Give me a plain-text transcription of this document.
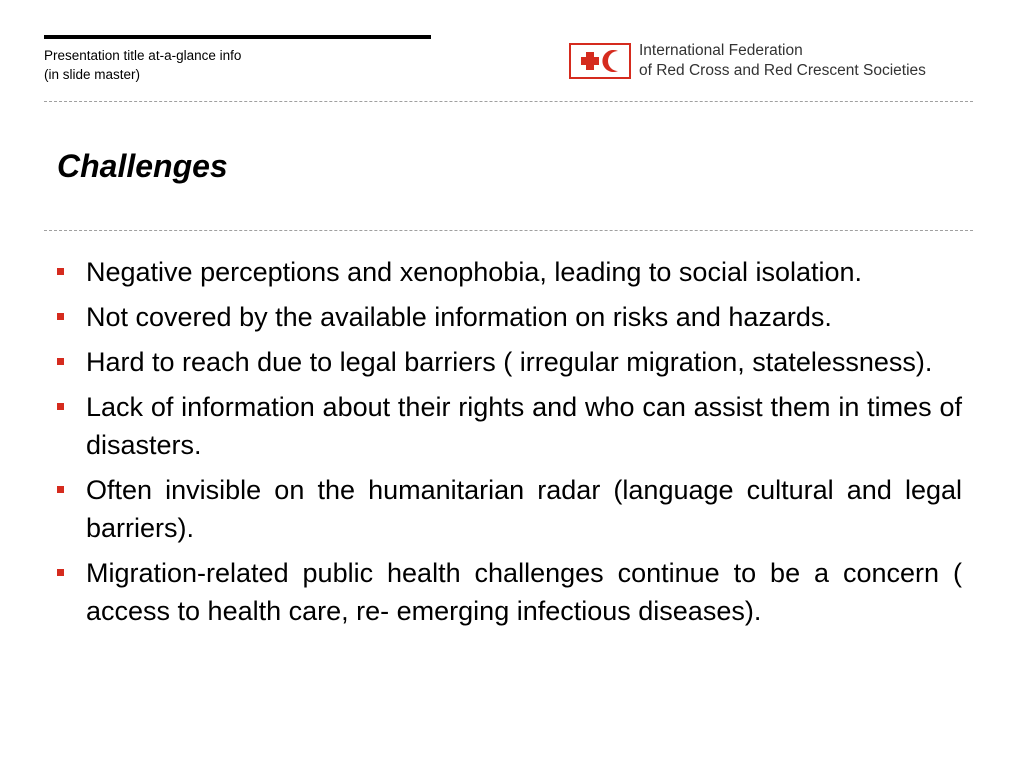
Presentation title at-a-glance info
(in slide master)
International Federation
of Red Cross and Red Crescent Societies
Challenges
Negative perceptions and xenophobia, leading to social isolation.
Not covered by the available information on risks and hazards.
Hard to reach due to legal barriers ( irregular migration, statelessness).
Lack of information about their rights and who can assist them in times of disasters.
Often invisible on the humanitarian radar (language cultural and legal barriers).
Migration-related public health challenges continue to be a concern ( access to health care, re- emerging infectious diseases).
